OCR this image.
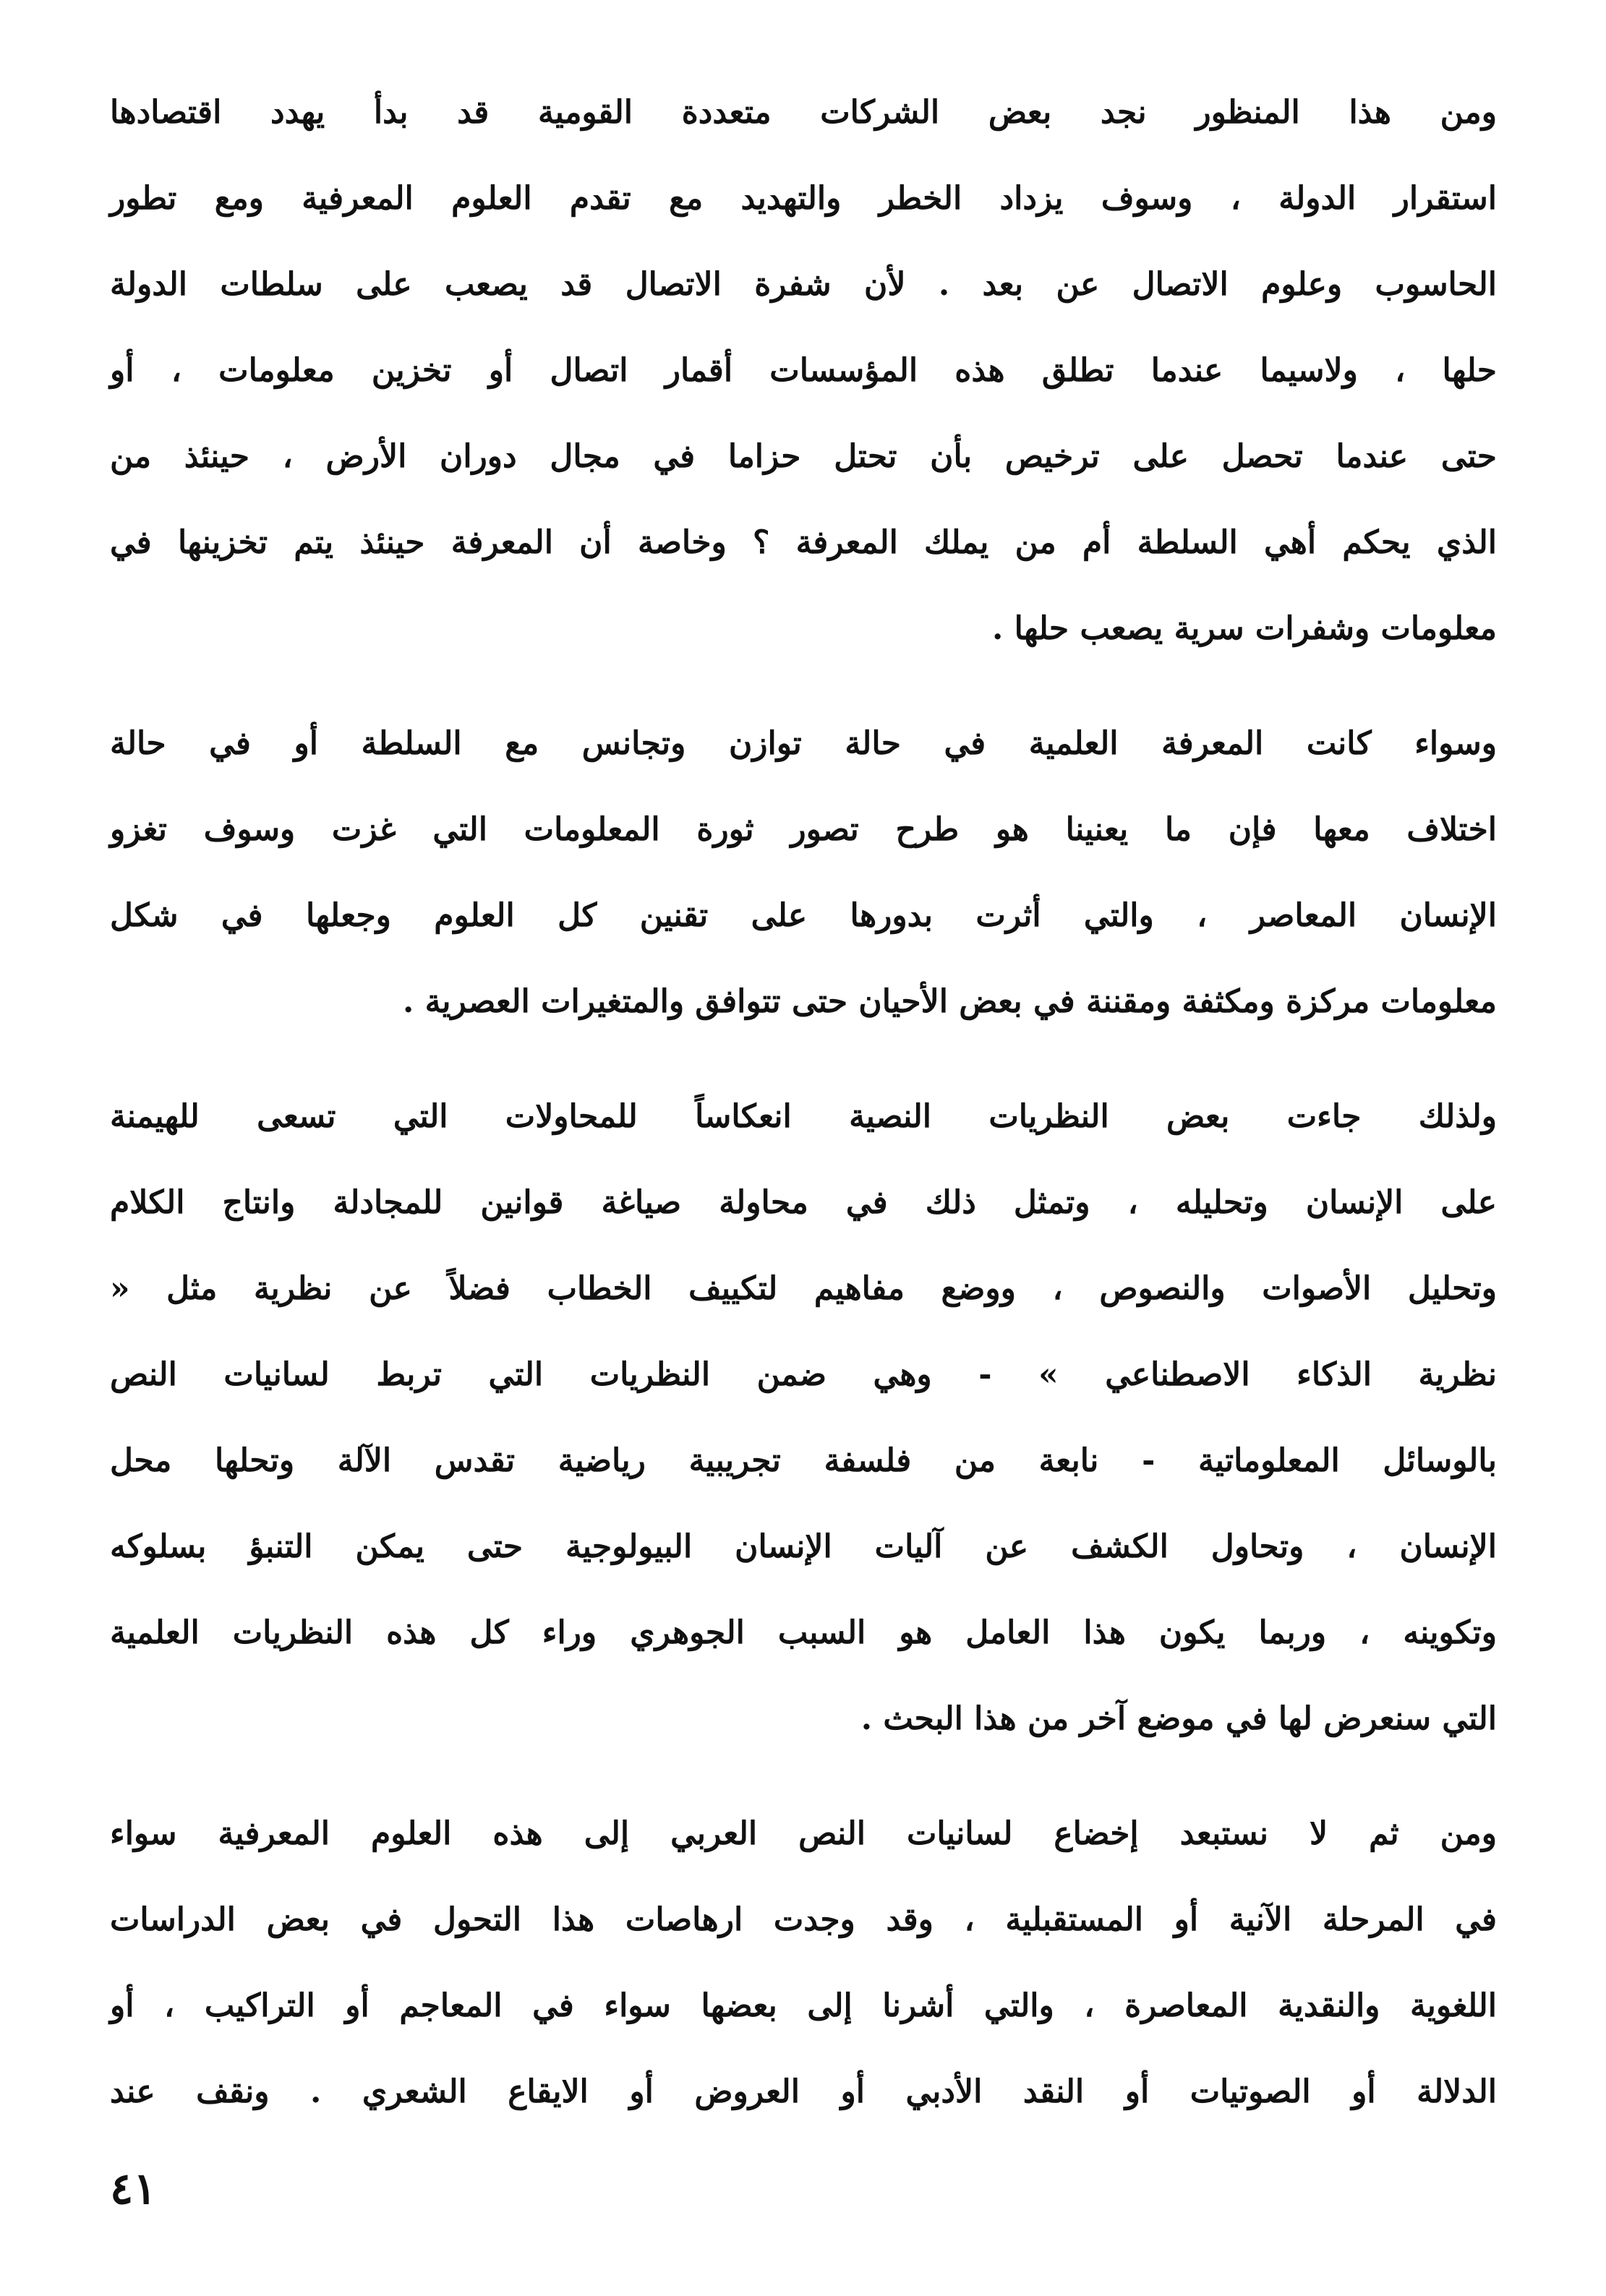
ومن هذا المنظور نجد بعض الشركات متعددة القومية قد بدأ يهدد اقتصادها
استقرار الدولة ، وسوف يزداد الخطر والتهديد مع تقدم العلوم المعرفية ومع تطور
الحاسوب وعلوم الاتصال عن بعد . لأن شفرة الاتصال قد يصعب على سلطات الدولة
حلها ، ولاسيما عندما تطلق هذه المؤسسات أقمار اتصال أو تخزين معلومات ، أو
حتى عندما تحصل على ترخيص بأن تحتل حزاما في مجال دوران الأرض ، حينئذ من
الذي يحكم أهي السلطة أم من يملك المعرفة ؟ وخاصة أن المعرفة حينئذ يتم تخزينها في
معلومات وشفرات سرية يصعب حلها .

وسواء كانت المعرفة العلمية في حالة توازن وتجانس مع السلطة أو في حالة
اختلاف معها فإن ما يعنينا هو طرح تصور ثورة المعلومات التي غزت وسوف تغزو
الإنسان المعاصر ، والتي أثرت بدورها على تقنين كل العلوم وجعلها في شكل
معلومات مركزة ومكثفة ومقننة في بعض الأحيان حتى تتوافق والمتغيرات العصرية .

ولذلك جاءت بعض النظريات النصية انعكاساً للمحاولات التي تسعى للهيمنة
على الإنسان وتحليله ، وتمثل ذلك في محاولة صياغة قوانين للمجادلة وانتاج الكلام
وتحليل الأصوات والنصوص ، ووضع مفاهيم لتكييف الخطاب فضلاً عن نظرية مثل «
نظرية الذكاء الاصطناعي » - وهي ضمن النظريات التي تربط لسانيات النص
بالوسائل المعلوماتية - نابعة من فلسفة تجريبية رياضية تقدس الآلة وتحلها محل
الإنسان ، وتحاول الكشف عن آليات الإنسان البيولوجية حتى يمكن التنبؤ بسلوكه
وتكوينه ، وربما يكون هذا العامل هو السبب الجوهري وراء كل هذه النظريات العلمية
التي سنعرض لها في موضع آخر من هذا البحث .

ومن ثم لا نستبعد إخضاع لسانيات النص العربي إلى هذه العلوم المعرفية سواء
في المرحلة الآنية أو المستقبلية ، وقد وجدت ارهاصات هذا التحول في بعض الدراسات
اللغوية والنقدية المعاصرة ، والتي أشرنا إلى بعضها سواء في المعاجم أو التراكيب ، أو
الدلالة أو الصوتيات أو النقد الأدبي أو العروض أو الايقاع الشعري . ونقف عند

٤١
